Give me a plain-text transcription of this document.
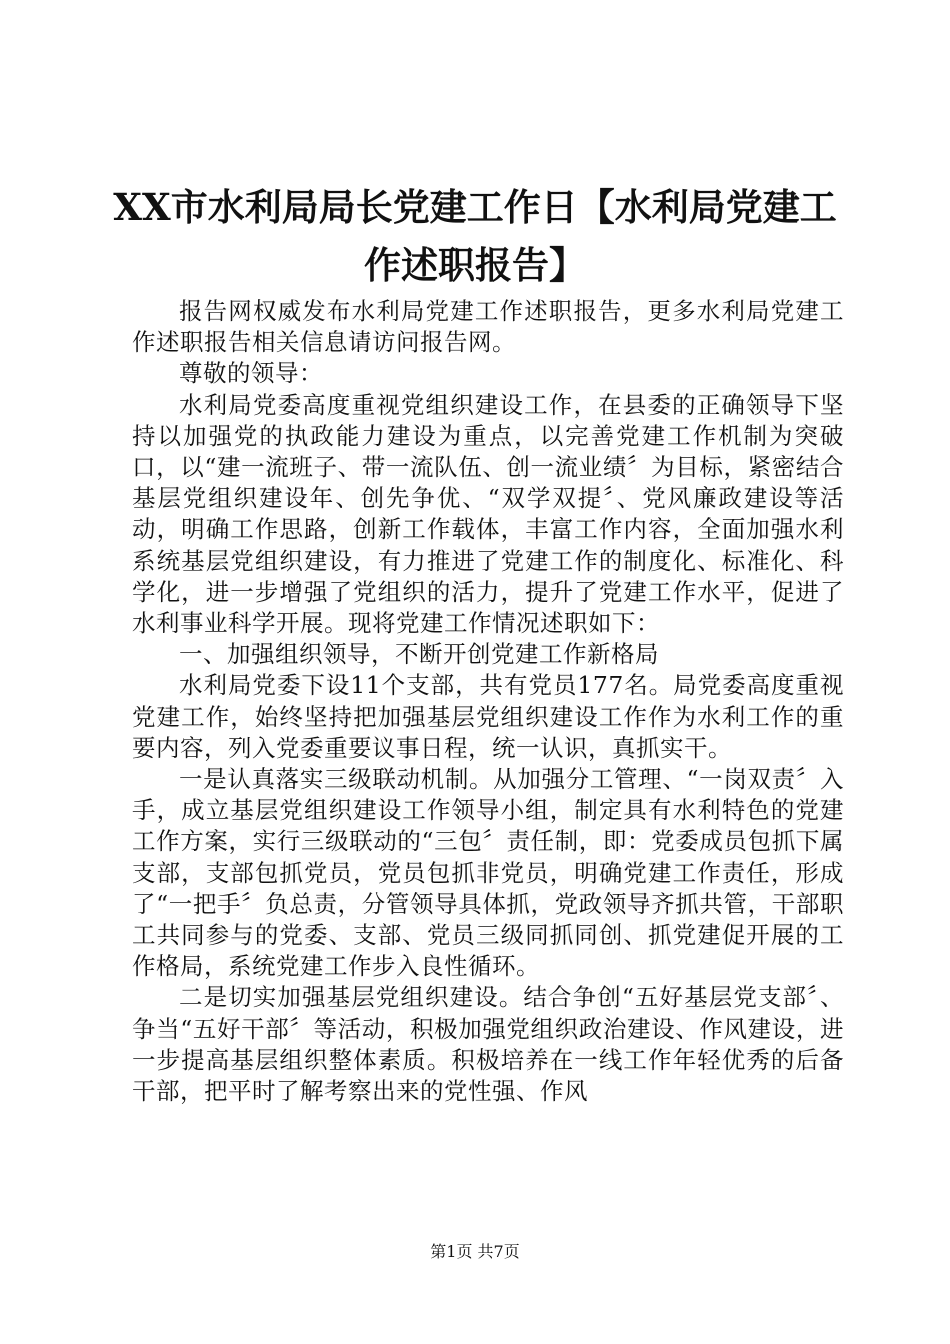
XX市水利局局长党建工作日【水利局党建工作述职报告】

报告网权威发布水利局党建工作述职报告，更多水利局党建工作述职报告相关信息请访问报告网。

尊敬的领导：

水利局党委高度重视党组织建设工作，在县委的正确领导下坚持以加强党的执政能力建设为重点，以完善党建工作机制为突破口，以“建一流班子、带一流队伍、创一流业绩〞为目标，紧密结合基层党组织建设年、创先争优、“双学双提〞、党风廉政建设等活动，明确工作思路，创新工作载体，丰富工作内容，全面加强水利系统基层党组织建设，有力推进了党建工作的制度化、标准化、科学化，进一步增强了党组织的活力，提升了党建工作水平，促进了水利事业科学开展。现将党建工作情况述职如下：

一、加强组织领导，不断开创党建工作新格局

水利局党委下设11个支部，共有党员177名。局党委高度重视党建工作，始终坚持把加强基层党组织建设工作作为水利工作的重要内容，列入党委重要议事日程，统一认识，真抓实干。

一是认真落实三级联动机制。从加强分工管理、“一岗双责〞入手，成立基层党组织建设工作领导小组，制定具有水利特色的党建工作方案，实行三级联动的“三包〞责任制，即：党委成员包抓下属支部，支部包抓党员，党员包抓非党员，明确党建工作责任，形成了“一把手〞负总责，分管领导具体抓，党政领导齐抓共管，干部职工共同参与的党委、支部、党员三级同抓同创、抓党建促开展的工作格局，系统党建工作步入良性循环。

二是切实加强基层党组织建设。结合争创“五好基层党支部〞、争当“五好干部〞等活动，积极加强党组织政治建设、作风建设，进一步提高基层组织整体素质。积极培养在一线工作年轻优秀的后备干部，把平时了解考察出来的党性强、作风

第1页 共7页
